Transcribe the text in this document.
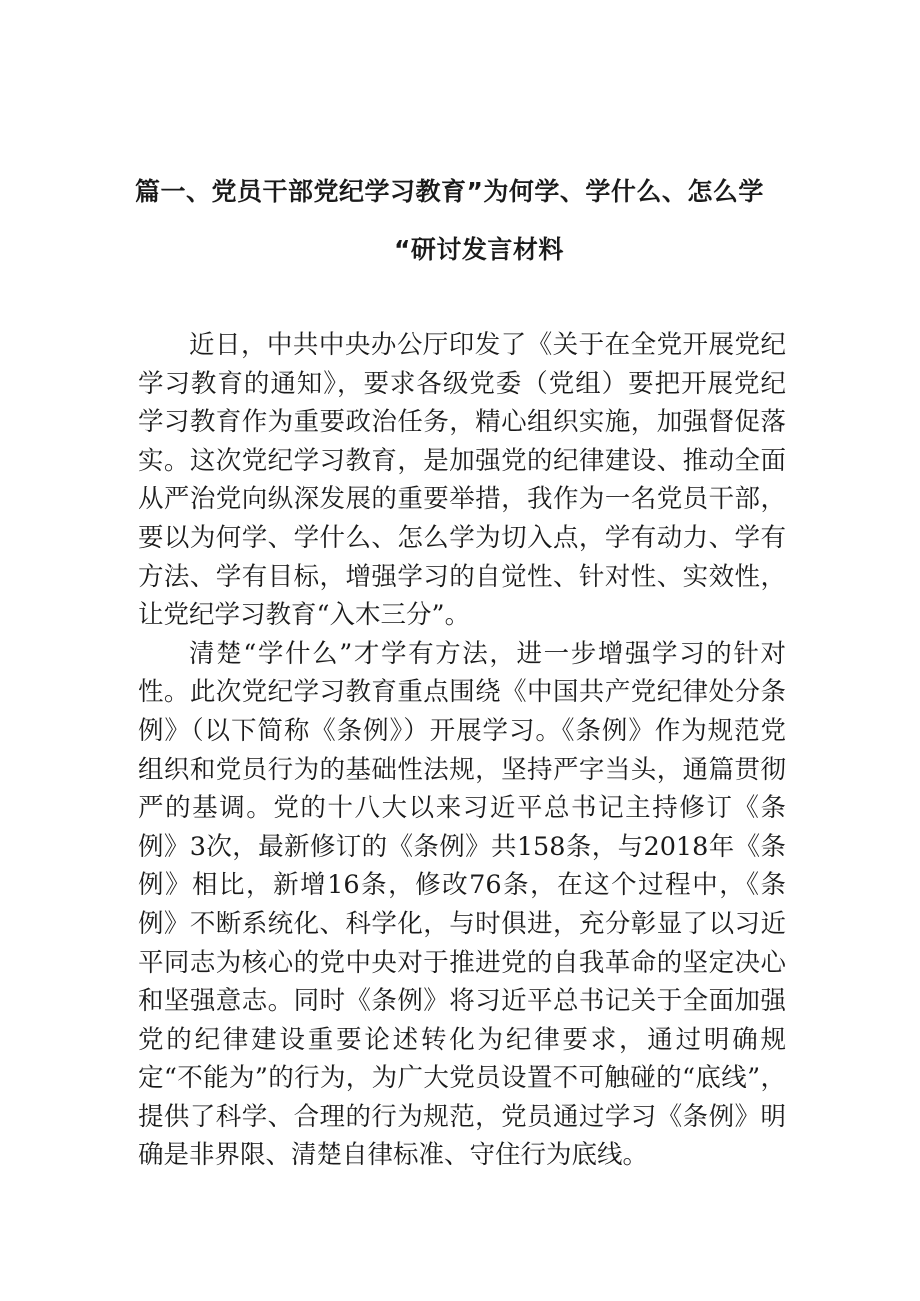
篇一、党员干部党纪学习教育”为何学、学什么、怎么学
“研讨发言材料

近日，中共中央办公厅印发了《关于在全党开展党纪学习教育的通知》，要求各级党委（党组）要把开展党纪学习教育作为重要政治任务，精心组织实施，加强督促落实。这次党纪学习教育，是加强党的纪律建设、推动全面从严治党向纵深发展的重要举措，我作为一名党员干部，要以为何学、学什么、怎么学为切入点，学有动力、学有方法、学有目标，增强学习的自觉性、针对性、实效性，让党纪学习教育“入木三分”。

清楚“学什么”才学有方法，进一步增强学习的针对性。此次党纪学习教育重点围绕《中国共产党纪律处分条例》（以下简称《条例》）开展学习。《条例》作为规范党组织和党员行为的基础性法规，坚持严字当头，通篇贯彻严的基调。党的十八大以来习近平总书记主持修订《条例》3次，最新修订的《条例》共158条，与2018年《条例》相比，新增16条，修改76条，在这个过程中，《条例》不断系统化、科学化，与时俱进，充分彰显了以习近平同志为核心的党中央对于推进党的自我革命的坚定决心和坚强意志。同时《条例》将习近平总书记关于全面加强党的纪律建设重要论述转化为纪律要求，通过明确规定“不能为”的行为，为广大党员设置不可触碰的“底线”，提供了科学、合理的行为规范，党员通过学习《条例》明确是非界限、清楚自律标准、守住行为底线。
